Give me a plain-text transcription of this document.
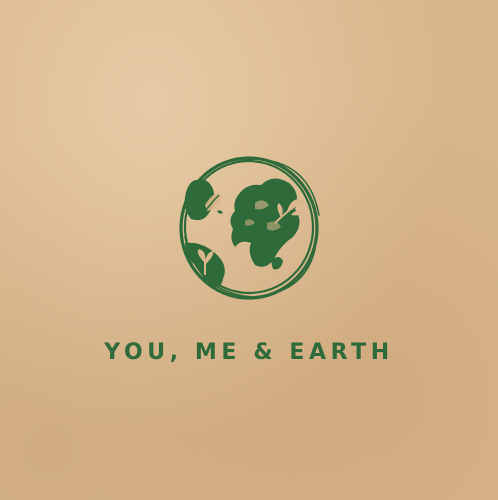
YOU, ME & EARTH
